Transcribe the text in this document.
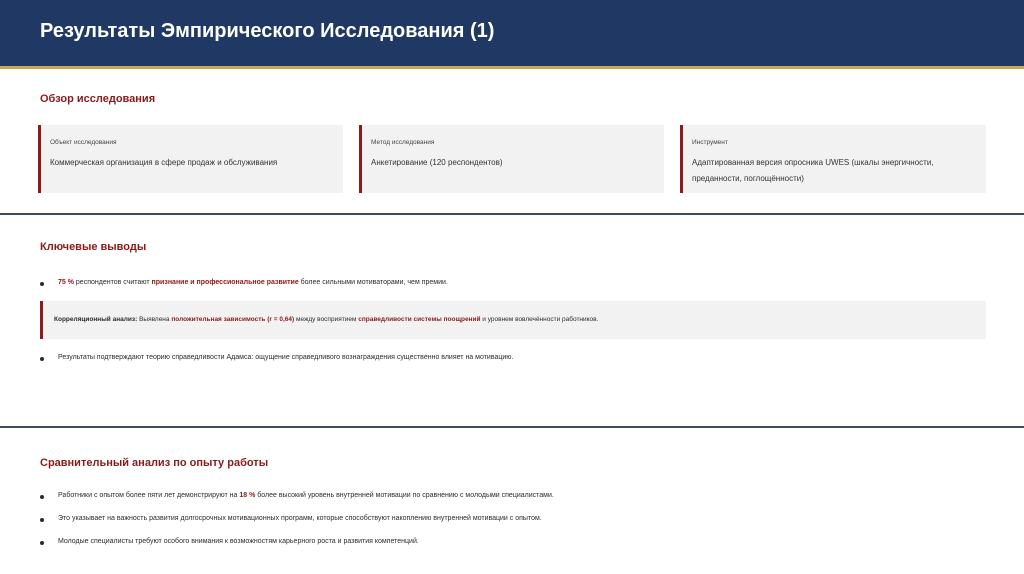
Результаты Эмпирического Исследования (1)
Обзор исследования
Объект исследования
Коммерческая организация в сфере продаж и обслуживания
Метод исследования
Анкетирование (120 респондентов)
Инструмент
Адаптированная версия опросника UWES (шкалы энергичности, преданности, поглощённости)
Ключевые выводы
75 % респондентов считают признание и профессиональное развитие более сильными мотиваторами, чем премии.
Корреляционный анализ: Выявлена положительная зависимость (r = 0,64) между восприятием справедливости системы поощрений и уровнем вовлечённости работников.
Результаты подтверждают теорию справедливости Адамса: ощущение справедливого вознаграждения существенно влияет на мотивацию.
Сравнительный анализ по опыту работы
Работники с опытом более пяти лет демонстрируют на 18 % более высокий уровень внутренней мотивации по сравнению с молодыми специалистами.
Это указывает на важность развития долгосрочных мотивационных программ, которые способствуют накоплению внутренней мотивации с опытом.
Молодые специалисты требуют особого внимания к возможностям карьерного роста и развития компетенций.
